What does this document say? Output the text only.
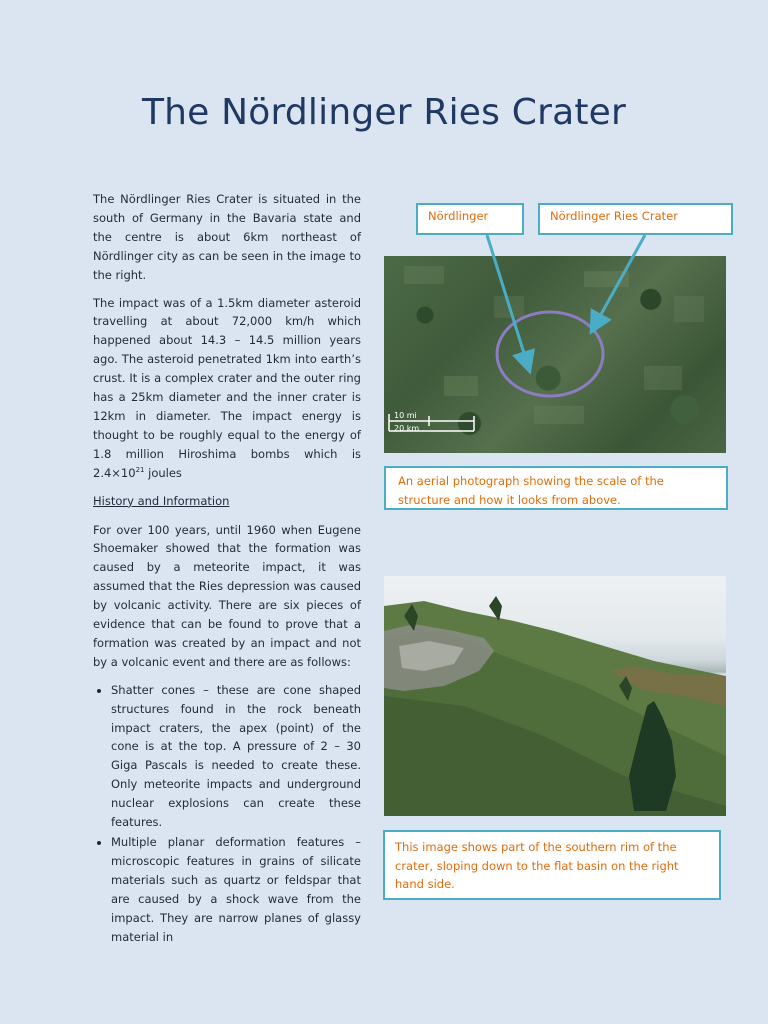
The Nördlinger Ries Crater

The Nördlinger Ries Crater is situated in the south of Germany in the Bavaria state and the centre is about 6km northeast of Nördlinger city as can be seen in the image to the right.

The impact was of a 1.5km diameter asteroid travelling at about 72,000 km/h which happened about 14.3 – 14.5 million years ago. The asteroid penetrated 1km into earth’s crust. It is a complex crater and the outer ring has a 25km diameter and the inner crater is 12km in diameter. The impact energy is thought to be roughly equal to the energy of 1.8 million Hiroshima bombs which is $2.4\times 10^{21}$ joules

History and Information

For over 100 years, until 1960 when Eugene Shoemaker showed that the formation was caused by a meteorite impact, it was assumed that the Ries depression was caused by volcanic activity. There are six pieces of evidence that can be found to prove that a formation was created by an impact and not by a volcanic event and there are as follows:

• Shatter cones – these are cone shaped structures found in the rock beneath impact craters, the apex (point) of the cone is at the top. A pressure of 2 – 30 Giga Pascals is needed to create these. Only meteorite impacts and underground nuclear explosions can create these features.
• Multiple planar deformation features – microscopic features in grains of silicate materials such as quartz or feldspar that are caused by a shock wave from the impact. They are narrow planes of glassy material in
Nördlinger	Nördlinger Ries Crater
10 mi
20 km
An aerial photograph showing the scale of the structure and how it looks from above.
This image shows part of the southern rim of the crater, sloping down to the flat basin on the right hand side.
